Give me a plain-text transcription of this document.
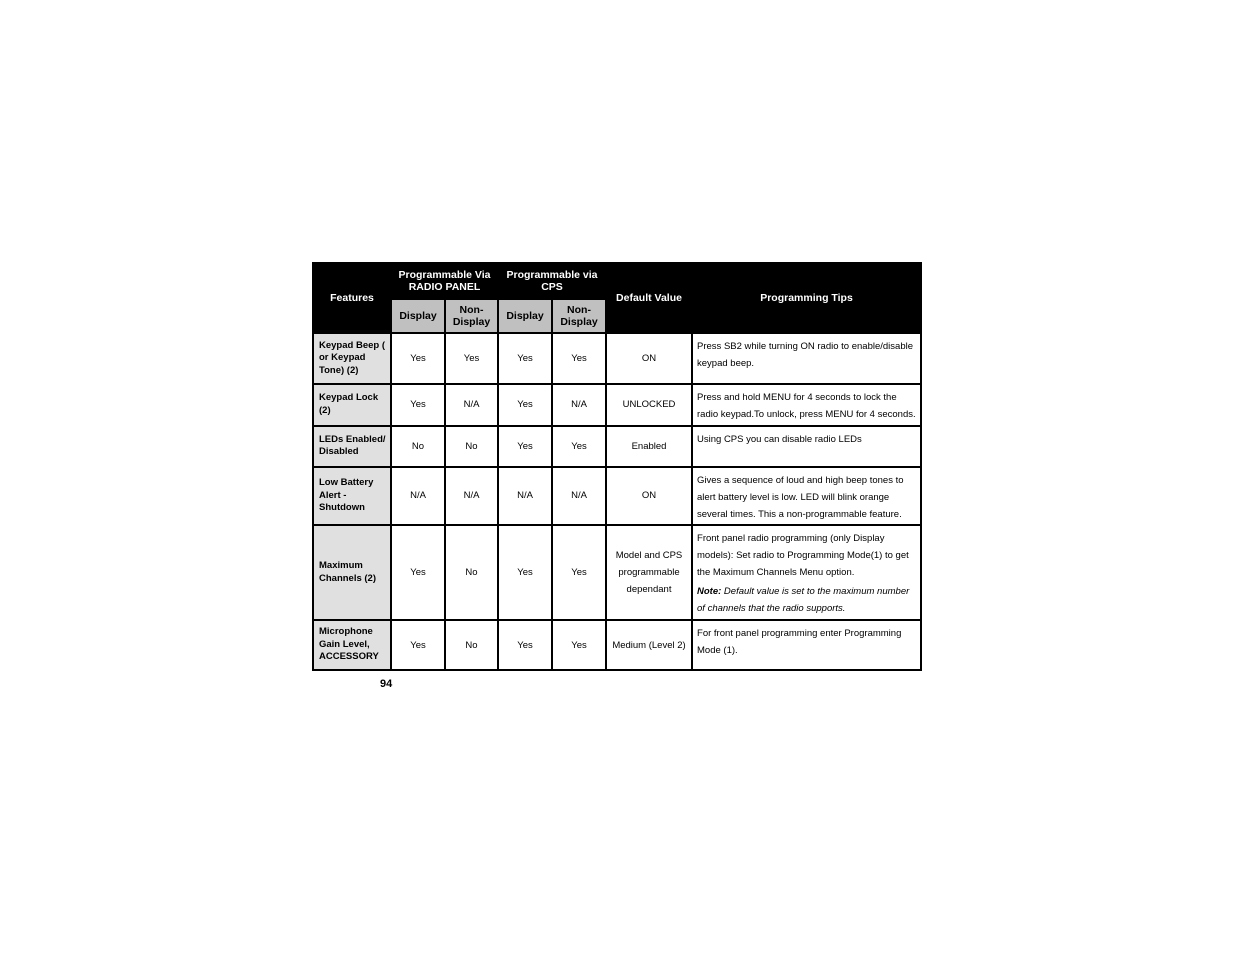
Features	Programmable Via RADIO PANEL		Programmable via CPS		Default Value	Programming Tips
	Display	Non-Display	Display	Non-Display		
Keypad Beep ( or Keypad Tone) (2)	Yes	Yes	Yes	Yes	ON	Press SB2 while turning ON radio to enable/disable keypad beep.
Keypad Lock (2)	Yes	N/A	Yes	N/A	UNLOCKED	Press and hold MENU for 4 seconds to lock the radio keypad.To unlock, press MENU for 4 seconds.
LEDs Enabled/ Disabled	No	No	Yes	Yes	Enabled	Using CPS you can disable radio LEDs
Low Battery Alert - Shutdown	N/A	N/A	N/A	N/A	ON	Gives a sequence of loud and high beep tones to alert battery level is low. LED will blink orange several times. This a non-programmable feature.
Maximum Channels (2)	Yes	No	Yes	Yes	Model and CPS programmable dependant	Front panel radio programming (only Display models): Set radio to Programming Mode(1) to get the Maximum Channels Menu option.
Note: Default value is set to the maximum number of channels that the radio supports.

Microphone Gain Level, ACCESSORY	Yes	No	Yes	Yes	Medium (Level 2)	For front panel programming enter Programming Mode (1).
94
